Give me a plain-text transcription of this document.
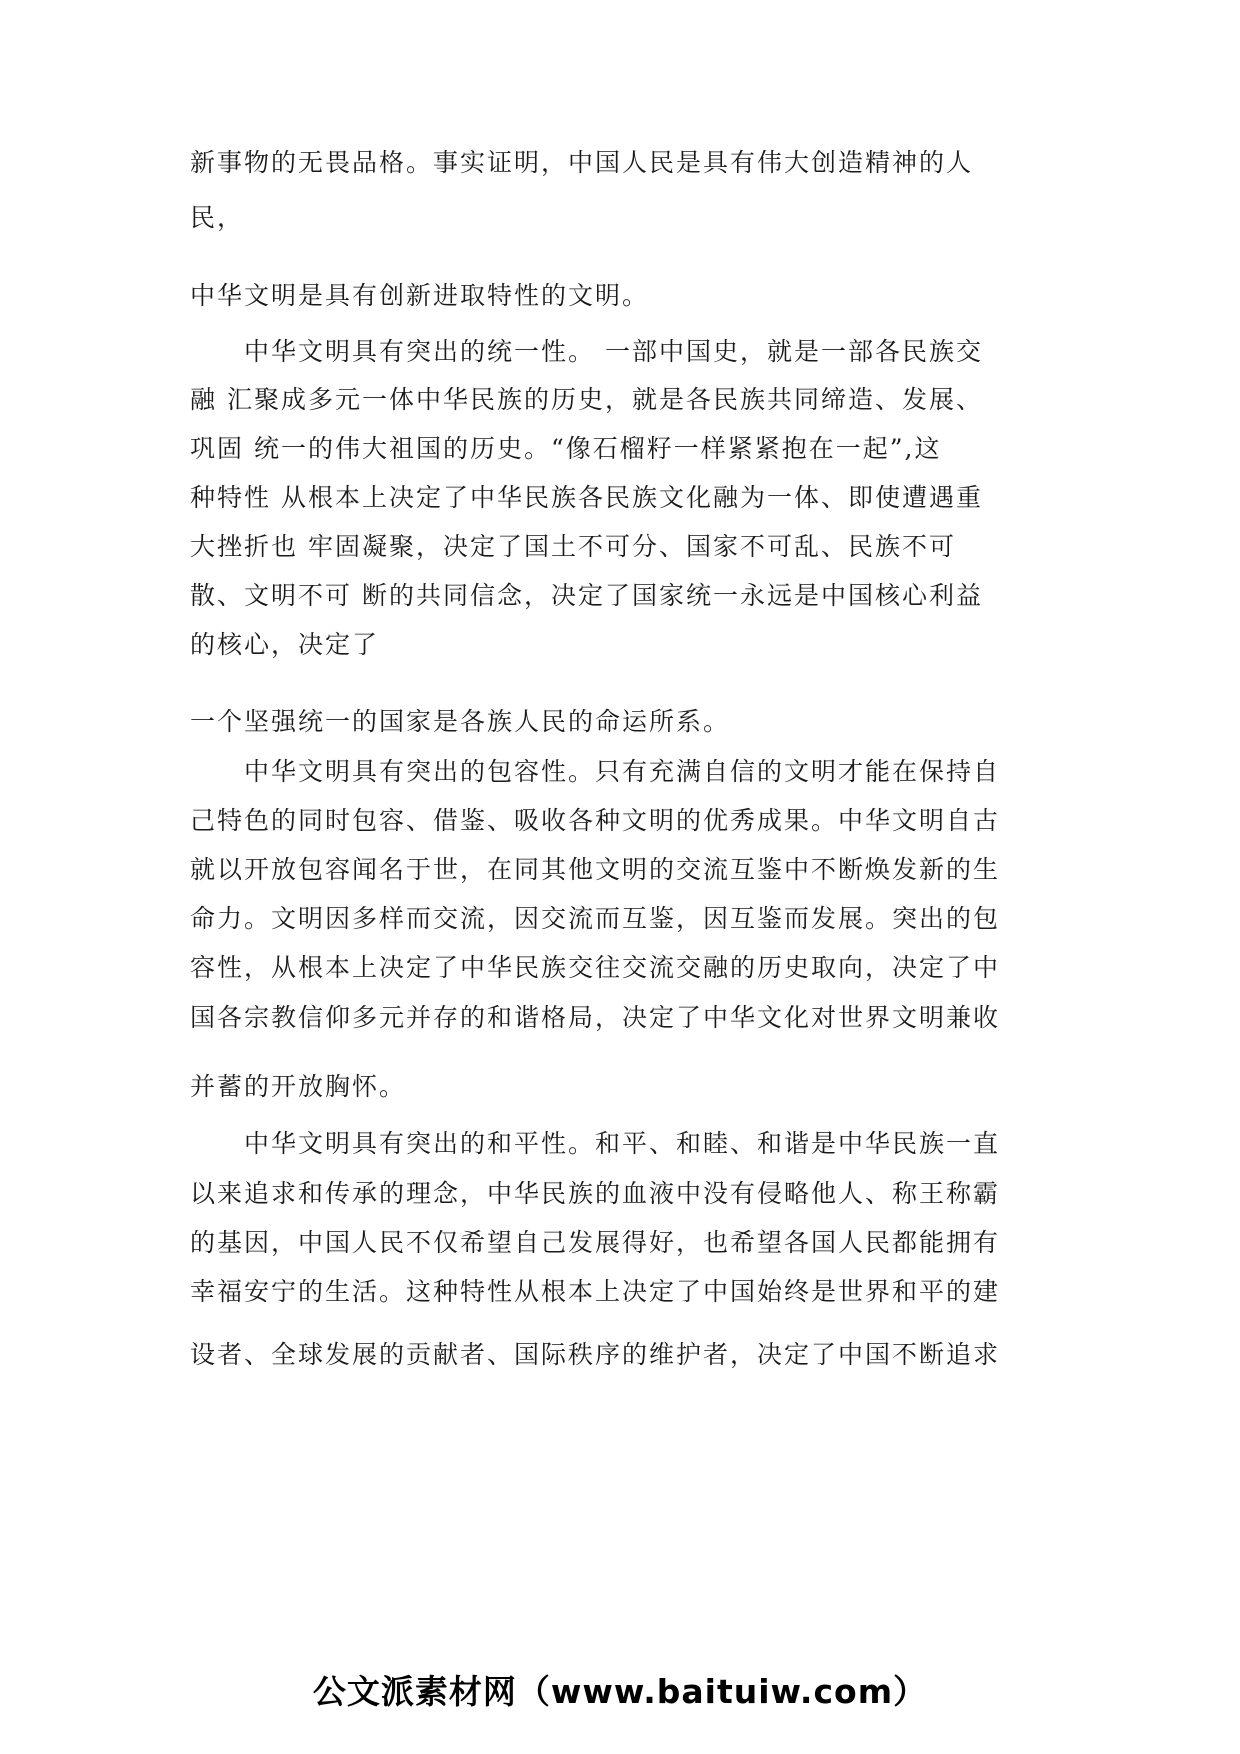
新事物的无畏品格。事实证明，中国人民是具有伟大创造精神的人
民，
中华文明是具有创新进取特性的文明。
中华文明具有突出的统一性。 一部中国史，就是一部各民族交
融 汇聚成多元一体中华民族的历史，就是各民族共同缔造、发展、
巩固 统一的伟大祖国的历史。“像石榴籽一样紧紧抱在一起”,这
种特性 从根本上决定了中华民族各民族文化融为一体、即使遭遇重
大挫折也 牢固凝聚，决定了国土不可分、国家不可乱、民族不可
散、文明不可 断的共同信念，决定了国家统一永远是中国核心利益
的核心，决定了
一个坚强统一的国家是各族人民的命运所系。
中华文明具有突出的包容性。只有充满自信的文明才能在保持自
己特色的同时包容、借鉴、吸收各种文明的优秀成果。中华文明自古
就以开放包容闻名于世，在同其他文明的交流互鉴中不断焕发新的生
命力。文明因多样而交流，因交流而互鉴，因互鉴而发展。突出的包
容性，从根本上决定了中华民族交往交流交融的历史取向，决定了中
国各宗教信仰多元并存的和谐格局，决定了中华文化对世界文明兼收
并蓄的开放胸怀。
中华文明具有突出的和平性。和平、和睦、和谐是中华民族一直
以来追求和传承的理念，中华民族的血液中没有侵略他人、称王称霸
的基因，中国人民不仅希望自己发展得好，也希望各国人民都能拥有
幸福安宁的生活。这种特性从根本上决定了中国始终是世界和平的建
设者、全球发展的贡献者、国际秩序的维护者，决定了中国不断追求
公文派素材网（www.baituiw.com）
